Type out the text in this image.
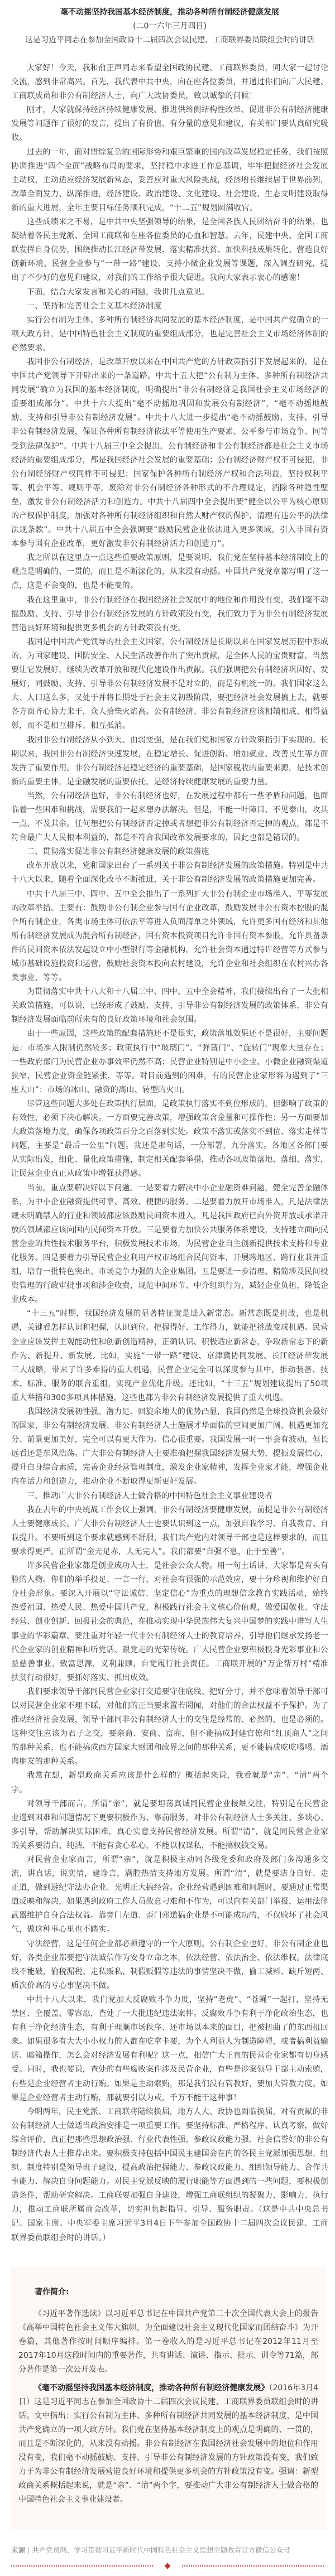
毫不动摇坚持我国基本经济制度，推动各种所有制经济健康发展

(二0一六年三月四日)

这是习近平同志在参加全国政协十二届四次会议民建、工商联界委员联组会时的讲话

大家好！今天，我和俞正声同志来看望全国政协民建、工商联界委员，同大家一起讨论交流，感到非常高兴。首先，我代表中共中央，向在座各位委员，并通过你们向广大民建、工商联成员和非公有制经济人士，向广大政协委员，致以诚挚的问候！

刚才，大家就保持经济持续健康发展、推进供给侧结构性改革、促进非公有制经济健康发展等问题作了很好的发言，提出了有价值、有分量的意见和建议，有关部门要认真研究吸收。

过去的一年，面对错综复杂的国际形势和艰巨繁重的国内改革发展稳定任务，我们按照协调推进“四个全面”战略布局的要求，坚持稳中求进工作总基调，牢牢把握经济社会发展主动权，主动适应经济发展新常态，妥善应对重大风险挑战，经济增长继续居于世界前列，改革全面发力、纵深推进，经济建设、政治建设、文化建设、社会建设、生态文明建设取得新的重大进展，全年主要目标任务顺利完成，“十二五”规划圆满收官。

这些成绩来之不易，是中共中央坚强领导的结果，是全国各族人民团结奋斗的结果，也凝结着各民主党派、全国工商联和在座各位委员的心血和智慧。去年，民建中央、全国工商联发挥自身优势，围绕推动长江经济带发展、落实精准扶贫、加快科技成果转化、营造良好创新环境、民营企业参与“一带一路”建设、支持小微企业发展等课题，深入调查研究，提出了不少好的意见和建议，对我们的工作给予很大促进。我向大家表示衷心的感谢！

下面，结合大家发言和关心的问题，我讲几点意见。

一、坚持和完善社会主义基本经济制度

实行公有制为主体、多种所有制经济共同发展的基本经济制度，是中国共产党确立的一项大政方针，是中国特色社会主义制度的重要组成部分，也是完善社会主义市场经济体制的必然要求。

我国非公有制经济，是改革开放以来在中国共产党的方针政策指引下发展起来的，是在中国共产党领导下开辟出来的一条道路。中共十五大把“公有制为主体、多种所有制经济共同发展”确立为我国的基本经济制度，明确提出“非公有制经济是我国社会主义市场经济的重要组成部分”。中共十六大提出“毫不动摇地巩固和发展公有制经济”，“毫不动摇地鼓励、支持和引导非公有制经济发展”。中共十八大进一步提出“毫不动摇鼓励、支持、引导非公有制经济发展，保证各种所有制经济依法平等使用生产要素、公平参与市场竞争、同等受到法律保护”。中共十八届三中全会提出，公有制经济和非公有制经济都是社会主义市场经济的重要组成部分，都是我国经济社会发展的重要基础；公有制经济财产权不可侵犯，非公有制经济财产权同样不可侵犯；国家保护各种所有制经济产权和合法利益，坚持权利平等、机会平等、规则平等，废除对非公有制经济各种形式的不合理规定，消除各种隐性壁垒，激发非公有制经济活力和创造力。中共十八届四中全会提出要“健全以公平为核心原则的产权保护制度，加强对各种所有制经济组织和自然人财产权的保护，清理有违公平的法律法规条款”。中共十八届五中全会强调要“鼓励民营企业依法进入更多领域，引入非国有资本参与国有企业改革，更好激发非公有制经济活力和创造力”。

我之所以在这里点一点这些重要政策原则，是要说明，我们党在坚持基本经济制度上的观点是明确的、一贯的，而且是不断深化的，从来没有动摇。中国共产党党章都写明了这一点，这是不会变的，也是不能变的。

我在这里重申，非公有制经济在我国经济社会发展中的地位和作用没有变，我们毫不动摇鼓励、支持、引导非公有制经济发展的方针政策没有变，我们致力于为非公有制经济发展营造良好环境和提供更多机会的方针政策没有变。

我国是中国共产党领导的社会主义国家，公有制经济是长期以来在国家发展历程中形成的，为国家建设、国防安全、人民生活改善作出了突出贡献，是全体人民的宝贵财富，当然要让它发展好，继续为改革开放和现代化建设作出贡献。我们强调把公有制经济巩固好、发展好，同鼓励、支持、引导非公有制经济发展不是对立的，而是有机统一的。我们国家这么大、人口这么多，又处于并将长期处于社会主义初级阶段，要把经济社会发展搞上去，就要各方面齐心协力来干，众人拾柴火焰高。公有制经济、非公有制经济应该相辅相成、相得益彰，而不是相互排斥、相互抵消。

我国非公有制经济从小到大、由弱变强，是在我们党和国家方针政策指引下实现的。长期以来，我国非公有制经济快速发展，在稳定增长、促进创新、增加就业、改善民生等方面发挥了重要作用。非公有制经济是稳定经济的重要基础，是国家税收的重要来源，是技术创新的重要主体，是金融发展的重要依托，是经济持续健康发展的重要力量。

当然，公有制经济也好，非公有制经济也好，在发展过程中都有一些矛盾和问题，也面临着一些困难和挑战，需要我们一起来想办法解决。但是，不能一叶障目、不见泰山，攻其一点、不及其余。任何想把公有制经济否定掉或者想把非公有制经济否定掉的观点，都是不符合最广大人民根本利益的，都是不符合我国改革发展要求的，因此也都是错误的。

二、贯彻落实促进非公有制经济健康发展的政策措施

改革开放以来，党和国家出台了一系列关于非公有制经济发展的政策措施。特别是中共十八大以来，随着全面深化改革不断推进，关于非公有制经济发展的政策措施更加完善。

中共十八届三中、四中、五中全会推出了一系列扩大非公有制企业市场准入、平等发展的改革举措。主要有：鼓励非公有制企业参与国有企业改革，鼓励发展非公有资本控股的混合所有制企业，各类市场主体可依法平等进入负面清单之外领域，允许更多国有经济和其他所有制经济发展成为混合所有制经济，国有资本投资项目允许非国有资本参股，允许具备条件的民间资本依法发起设立中小型银行等金融机构，允许社会资本通过特许经营等方式参与城市基础设施投资和运营，鼓励社会资本投向农村建设，允许企业和社会组织在农村兴办各类事业，等等。

为贯彻落实中共十八大和十八届三中、四中、五中全会精神，我们接续出台了一大批相关政策措施，可以说，已经形成了鼓励、支持、引导非公有制经济发展的政策体系，非公有制经济发展面临前所未有的良好政策环境和社会氛围。

由于一些原因，这些政策的配套措施还不是很实，政策落地效果还不是很好，主要问题是：市场准入限制仍然较多；政策执行中“玻璃门”、“弹簧门”、“旋转门”现象大量存在；一些政府部门为民营企业办事效率仍然不高；民营企业特别是中小企业、小微企业融资渠道狭窄，民营企业资金链紧张，等等。对目前遇到的困难，有的民营企业家形容为遇到了“三座大山”：市场的冰山、融资的高山、转型的火山。

尽管这些问题大多处在政策执行层面，是政策执行落实不到位形成的，但影响了政策的有效性，必须下决心解决。一方面要完善政策，增强政策含金量和可操作性；另一方面要加大政策落地力度，确保各项政策百分之百落到实处。政策不落实或落实不到位、落实走样等问题，主要是“最后一公里”问题。我还是那句话，一分部署，九分落实。各地区各部门要从实际出发，细化、量化政策措施，制定相关配套举措，推动各项政策落地、落细、落实，让民营企业真正从政策中增强获得感。

当前，重点要解决好以下问题。一是要着力解决中小企业融资难问题，健全完善金融体系，为中小企业融资提供可靠、高效、便捷的服务。二是要着力放开市场准入，凡是法律法规未明确禁入的行业和领域都应该鼓励民间资本进入，凡是我国政府已向外资开放或承诺开放的领域都应该向国内民间资本开放。三是要着力加快公共服务体系建设，支持建立面向民营企业的共性技术服务平台，积极发展技术市场，为民营企业自主创新提供技术支持和专业化服务。四是要着力引导民营企业利用产权市场组合民间资本，开展跨地区、跨行业兼并重组，培育一批特色突出、市场竞争力强的大企业集团。五是要进一步清理、精简涉及民间投资管理的行政审批事项和涉企收费，规范中间环节、中介组织行为，减轻企业负担，降低企业成本。

“十三五”时期，我国经济发展的显著特征就是进入新常态。新常态既是挑战，也是机遇，关键看怎样认识和把握，认识到位、把握得好、工作得力，就能把挑战变成机遇。民营企业应该发挥主观能动性和创新创造精神，正确认识、积极适应新常态，争取新常态下的新作为、新提升、新发展。比如，实施“一带一路”建设、京津冀协同发展、长江经济带发展三大战略，带来了许多难得的重大机遇，民营企业完全可以深度参与其中，推动装备、技术、标准、服务的联合重组，实现产业优化升级。还比如，“十三五”规划建议提出了50项重大举措和300多项具体措施，这些也都为非公有制经济发展提供了重大机遇。

我国经济发展韧性强、潜力足、回旋余地大的优势凸显，我国仍然是全球投资机会最好的国家，非公有制经济发展、非公有制经济人士施展才华面临的空间更加广阔、机遇更加充分、前景更加美好，完全可以有更大作为。信心很重要。我国发展一时一事会有波动，但长远看还是东风浩荡。广大非公有制经济人士要准确把握我国经济发展大势，提振发展信心，提升自身综合素质，完善企业经营管理制度，激发企业家精神，发挥企业家才能，增强企业内在活力和创造力，推动企业不断取得更新更好发展。

三、推动广大非公有制经济人士做合格的中国特色社会主义事业建设者

我在去年的中央统战工作会议上强调，非公有制经济要健康发展，前提是非公有制经济人士要健康成长。广大非公有制经济人士也要认识到这一点，加强自我学习、自我教育、自我提升。不要听到这个要求就感到不舒服，我们共产党内对领导干部也是这样要求的，而且要求得更严，正所谓“金无足赤，人无完人”。我们都要“自强不息，止于至善”。

许多民营企业家都是创业成功人士，是社会公众人物。用一句土话讲，大家都是有头有脸的人物。你们的举手投足、一言一行，对社会有很强的示范效应，要十分珍视和维护好自身社会形象。要深入开展以“守法诚信、坚定信心”为重点的理想信念教育实践活动，始终热爱祖国、热爱人民、热爱中国共产党，积极践行社会主义核心价值观，做爱国敬业、守法经营、创业创新、回报社会的典范，在推动实现中华民族伟大复兴中国梦的实践中谱写人生事业的华彩篇章。要注重对年轻一代非公有制经济人士的教育培养，引导他们继承发扬老一代企业家的创业精神和听党话、跟党走的光荣传统。广大民营企业要积极投身光彩事业和公益慈善事业，致富思源，义利兼顾，自觉履行社会责任。工商联开展的“万企帮万村”精准扶贫行动很好，要抓好落实、抓出成效。

我们要求领导干部同民营企业家打交道要守住底线、把好分寸，并不意味着领导干部可以对民营企业家不理不睬，对他们的正当要求置若罔闻，对他们的合法权益不予保护。为了推动经济社会发展，领导干部同非公有制经济人士的交往是经常的、必然的，也是必须的。这种交往应该为君子之交，要亲商、安商、富商，但不能搞成封建官僚和“红顶商人”之间的那种关系，也不能搞成西方国家大财团和政界之间的那种关系，更不能搞成吃吃喝喝、酒肉朋友的那种关系。

我常在想，新型政商关系应该是什么样的？概括起来说，我看就是“亲”、“清”两个字。

对领导干部而言，所谓“亲”，就是要坦荡真诚同民营企业接触交往，特别是在民营企业遇到困难和问题情况下更要积极作为、靠前服务，对非公有制经济人士多关注、多谈心、多引导，帮助解决实际困难，真心实意支持民营经济发展。所谓“清”，就是同民营企业家的关系要清白、纯洁，不能有贪心私心，不能以权谋私，不能搞权钱交易。

对民营企业家而言，所谓“亲”，就是积极主动同各级党委和政府及部门多沟通多交流，讲真话，说实情，建诤言，满腔热情支持地方发展。所谓“清”，就是要洁身自好、走正道，做到遵纪守法办企业、光明正大搞经营。企业经营遇到困难和问题时，要通过正常渠道反映和解决，如果遇到政府工作人员故意刁难和不作为，可以向有关部门举报，运用法律武器维护自身合法权益。靠旁门左道、歪门邪道搞企业是不可能成功的，不仅败坏了社会风气，做这种事心里也不踏实。

守法经营，这是任何企业都必须遵守的一个大原则。公有制企业也好，非公有制企业也好，各类企业都要把守法诚信作为安身立命之本，依法经营、依法治企、依法维权。法律底线不能破，偷税漏税、走私贩私、制假贩假等违法的事情坚决不做，偷工减料、缺斤短两、质次价高的亏心事坚决不做。

中共十八大以来，我们党加大反腐败斗争力度，坚持“老虎”、“苍蝇”一起打，坚持无禁区、全覆盖、零容忍，查处了一大批违纪违法案件。反腐败斗争有利于净化政治生态，也有利于净化经济生态，有利于理顺市场秩序、还市场以本来的面目，把被扭曲了的东西扭回来。如果很多有大大小小权力的人都在吃拿卡要，为个人利益人为制造障碍，或者搞利益输送、暗箱操作，怎么会对经济发展有利呢？这一点，相信广大正直的民营企业家都有切身感受。同时，我也要说，查处的有些腐败案件涉及民营企业，有些是涉案领导干部主动索贿，有些是企业经营者主动行贿。如果是主动索贿，那是我们没有管教好，要加大管教力度。如果是企业经营者主动行贿，那就要引以为戒，千万不能干这种事！

今明两年，民主党派、工商联将陆续换届，地方人大、政协也面临换届，对有贡献的非公有制经济人士做适当政治安排是一项重要工作。要坚持标准、严格程序、认真考察，做好综合评价，真正把那些思想政治强、行业代表性强、参政议政能力强、社会信誉好的非公有制经济代表人士推荐出来。要积极支持包括中国民主建国会在内的各民主党派加强思想、组织、制度特别是领导班子建设，提高政治把握能力、参政议政能力、组织领导能力、合作共事能力、解决自身问题能力。对民主党派反映的履行职能等方面遇到的一些问题，要积极创造条件，帮助研究解决。工商联要加强自身建设，增强工商联组织的凝聚力、影响力、执行力，推动工商联所属商会改革，切实担负起指导、引导、服务职责。（这是中共中央总书记、国家主席、中央军委主席习近平3月4日下午参加全国政协十二届四次会议民建、工商联界委员联组会时的讲话。）

著作简介:

《习近平著作选读》以习近平总书记在中国共产党第二十次全国代表大会上的报告《高举中国特色社会主义伟大旗帜，为全面建设社会主义现代化国家而团结奋斗》为开卷篇，其他著作按时间顺序编排。第一卷收入的是习近平总书记在2012年11月至2017年10月这段时间内的重要著作，共有讲话、演讲、指示、批示、训令等71篇，部分著作是第一次公开发表。

《毫不动摇坚持我国基本经济制度，推动各种所有制经济健康发展》（2016年3月4日）这是习近平同志在参加全国政协十二届四次会议民建、工商联界委员联组会时的讲话。文中指出：实行公有制为主体、多种所有制经济共同发展的基本经济制度，是中国共产党确立的一项大政方针。我们党在坚持基本经济制度上的观点是明确的、一贯的，而且是不断深化的，从来没有动摇。非公有制经济在我国经济社会发展中的地位和作用没有变，我们毫不动摇鼓励、支持、引导非公有制经济发展的方针政策没有变，我们致力于为非公有制经济发展营造良好环境和提供更多机会的方针政策没有变。强调：新型政商关系概括起来说，就是“亲”、“清”两个字，要推动广大非公有制经济人士做合格的中国特色社会主义事业建设者。

来源 | 共产党员网、学习贯彻习近平新时代中国特色社会主义思想主题教育官方微信公众号
